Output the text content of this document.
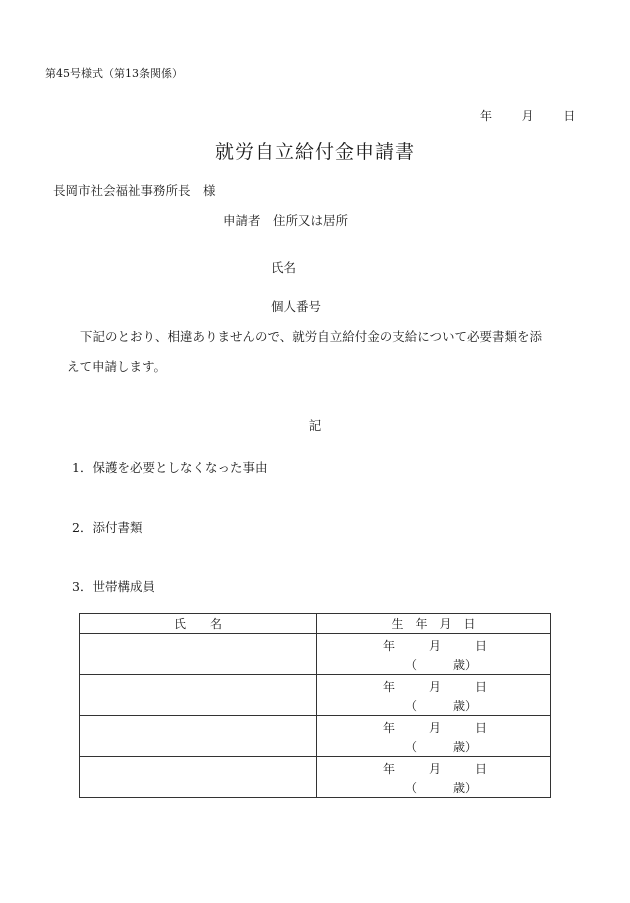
第45号様式（第13条関係）
年 月 日
就労自立給付金申請書
長岡市社会福祉事務所長　様
申請者　住所又は居所
氏名
個人番号
下記のとおり、相違ありませんので、就労自立給付金の支給について必要書類を添
えて申請します。
記
1．保護を必要としなくなった事由
2．添付書類
3．世帯構成員
氏　　名	生　年　月　日

	年 月 日
（　　　歳）

	年 月 日
（　　　歳）

	年 月 日
（　　　歳）

	年 月 日
（　　　歳）
